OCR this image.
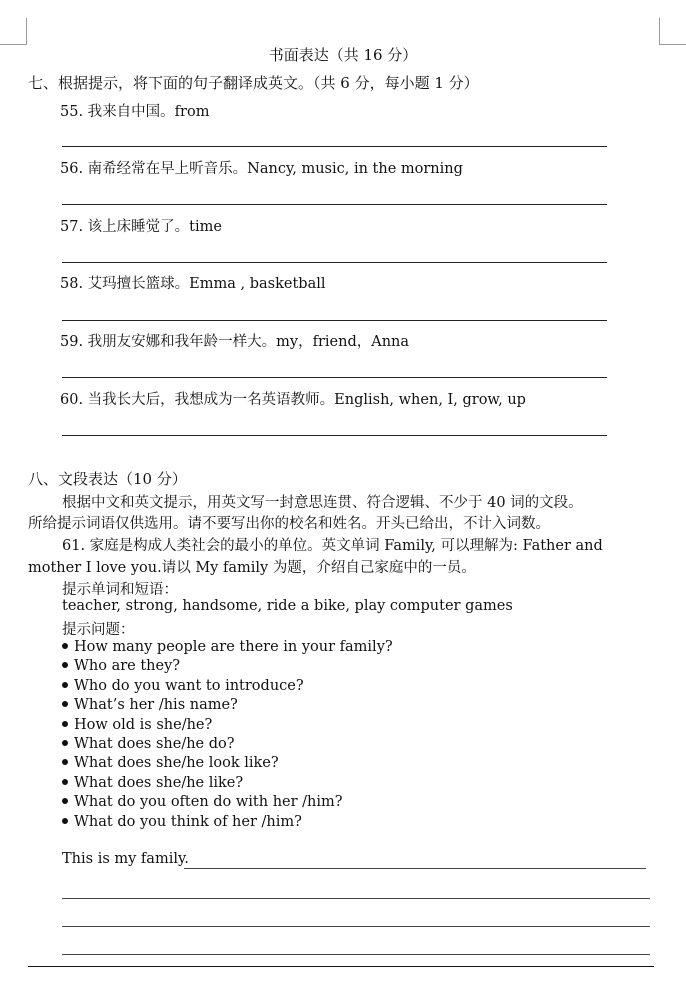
书面表达（共 16 分）
七、根据提示，将下面的句子翻译成英文。（共 6 分，每小题 1 分）
55. 我来自中国。from
56. 南希经常在早上听音乐。Nancy, music, in the morning
57. 该上床睡觉了。time
58. 艾玛擅长篮球。Emma , basketball
59. 我朋友安娜和我年龄一样大。my，friend，Anna
60. 当我长大后，我想成为一名英语教师。English, when, I, grow, up
八、文段表达（10 分）
根据中文和英文提示，用英文写一封意思连贯、符合逻辑、不少于 40 词的文段。
所给提示词语仅供选用。请不要写出你的校名和姓名。开头已给出，不计入词数。
61. 家庭是构成人类社会的最小的单位。英文单词 Family, 可以理解为: Father and
mother I love you.请以 My family 为题，介绍自己家庭中的一员。
提示单词和短语：
teacher, strong, handsome, ride a bike, play computer games
提示问题：
How many people are there in your family?
Who are they?
Who do you want to introduce?
What’s her /his name?
How old is she/he?
What does she/he do?
What does she/he look like?
What does she/he like?
What do you often do with her /him?
What do you think of her /him?
This is my family.
